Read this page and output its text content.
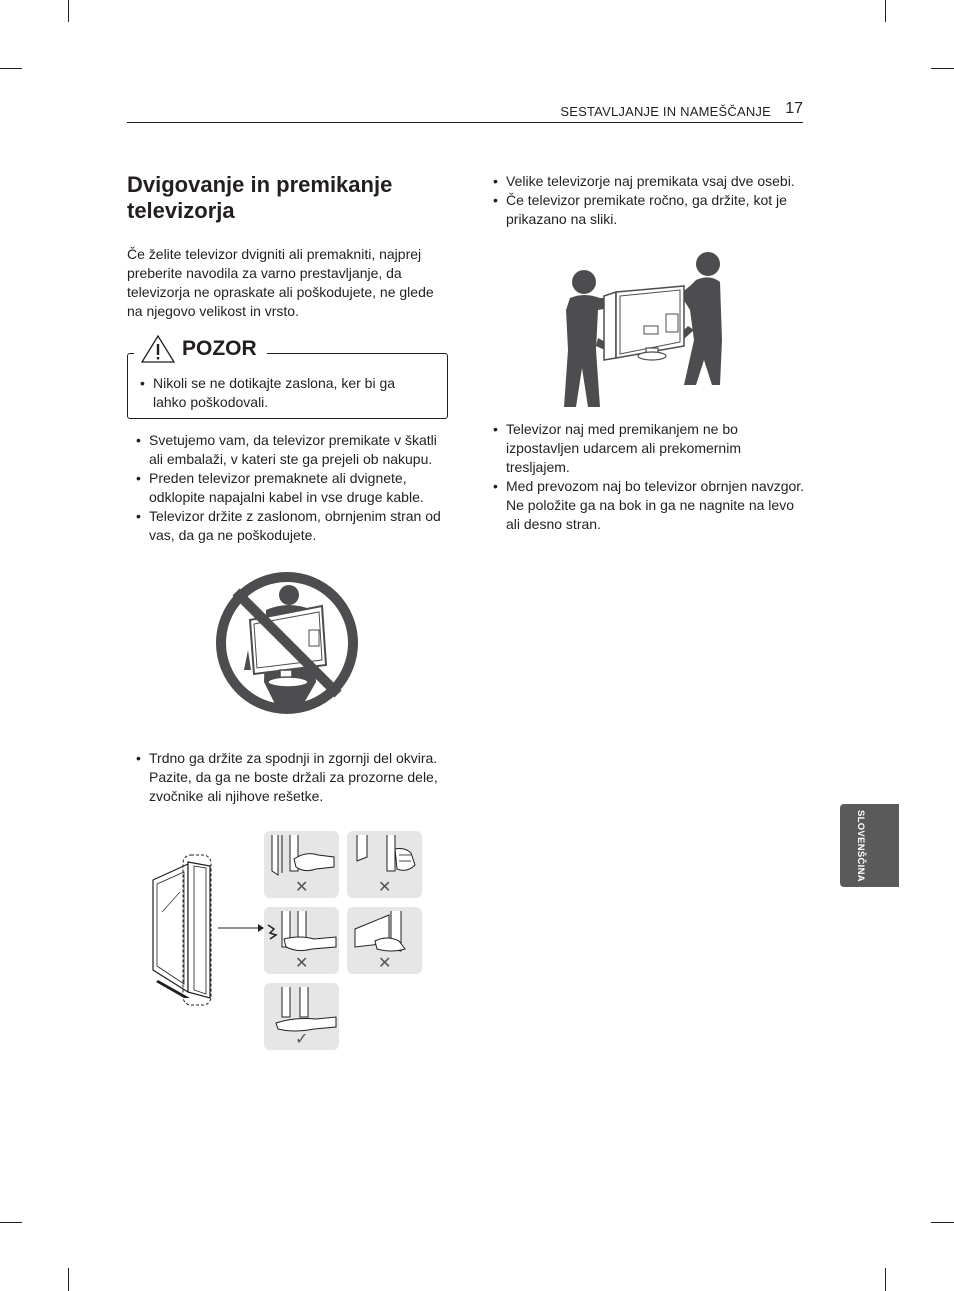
SESTAVLJANJE IN NAMEŠČANJE 17
Dvigovanje in premikanje televizorja

Če želite televizor dvigniti ali premakniti, najprej preberite navodila za varno prestavljanje, da televizorja ne opraskate ali poškodujete, ne glede na njegovo velikost in vrsto.

POZOR
• Nikoli se ne dotikajte zaslona, ker bi ga lahko poškodovali.
• Svetujemo vam, da televizor premikate v škatli ali embalaži, v kateri ste ga prejeli ob nakupu.
• Preden televizor premaknete ali dvignete, odklopite napajalni kabel in vse druge kable.
• Televizor držite z zaslonom, obrnjenim stran od vas, da ga ne poškodujete.
• Trdno ga držite za spodnji in zgornji del okvira. Pazite, da ga ne boste držali za prozorne dele, zvočnike ali njihove rešetke.
✕	✕
✕	✕
✓
• Velike televizorje naj premikata vsaj dve osebi.
• Če televizor premikate ročno, ga držite, kot je prikazano na sliki.
• Televizor naj med premikanjem ne bo izpostavljen udarcem ali prekomernim tresljajem.
• Med prevozom naj bo televizor obrnjen navzgor. Ne položite ga na bok in ga ne nagnite na levo ali desno stran.
SLOVENŠČINA
